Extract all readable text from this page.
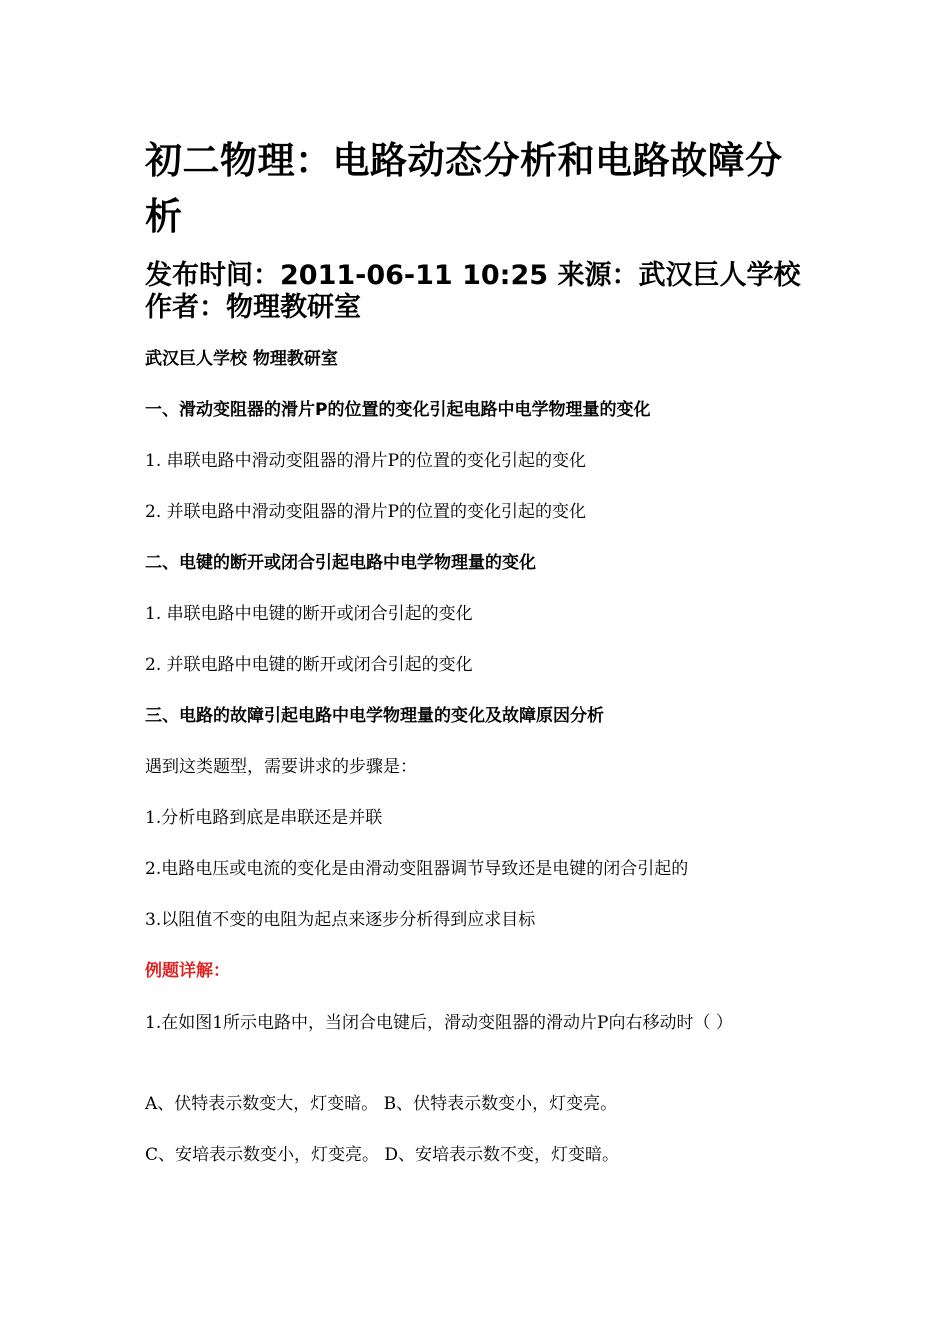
初二物理：电路动态分析和电路故障分析
发布时间：2011-06-11 10:25 来源：武汉巨人学校
作者：物理教研室

武汉巨人学校 物理教研室

一、滑动变阻器的滑片P的位置的变化引起电路中电学物理量的变化

1. 串联电路中滑动变阻器的滑片P的位置的变化引起的变化

2. 并联电路中滑动变阻器的滑片P的位置的变化引起的变化

二、电键的断开或闭合引起电路中电学物理量的变化

1. 串联电路中电键的断开或闭合引起的变化

2. 并联电路中电键的断开或闭合引起的变化

三、电路的故障引起电路中电学物理量的变化及故障原因分析

遇到这类题型，需要讲求的步骤是：

1.分析电路到底是串联还是并联

2.电路电压或电流的变化是由滑动变阻器调节导致还是电键的闭合引起的

3.以阻值不变的电阻为起点来逐步分析得到应求目标

例题详解：

1.在如图1所示电路中，当闭合电键后，滑动变阻器的滑动片P向右移动时（ ）

A、伏特表示数变大，灯变暗。 B、伏特表示数变小，灯变亮。

C、安培表示数变小，灯变亮。 D、安培表示数不变，灯变暗。
